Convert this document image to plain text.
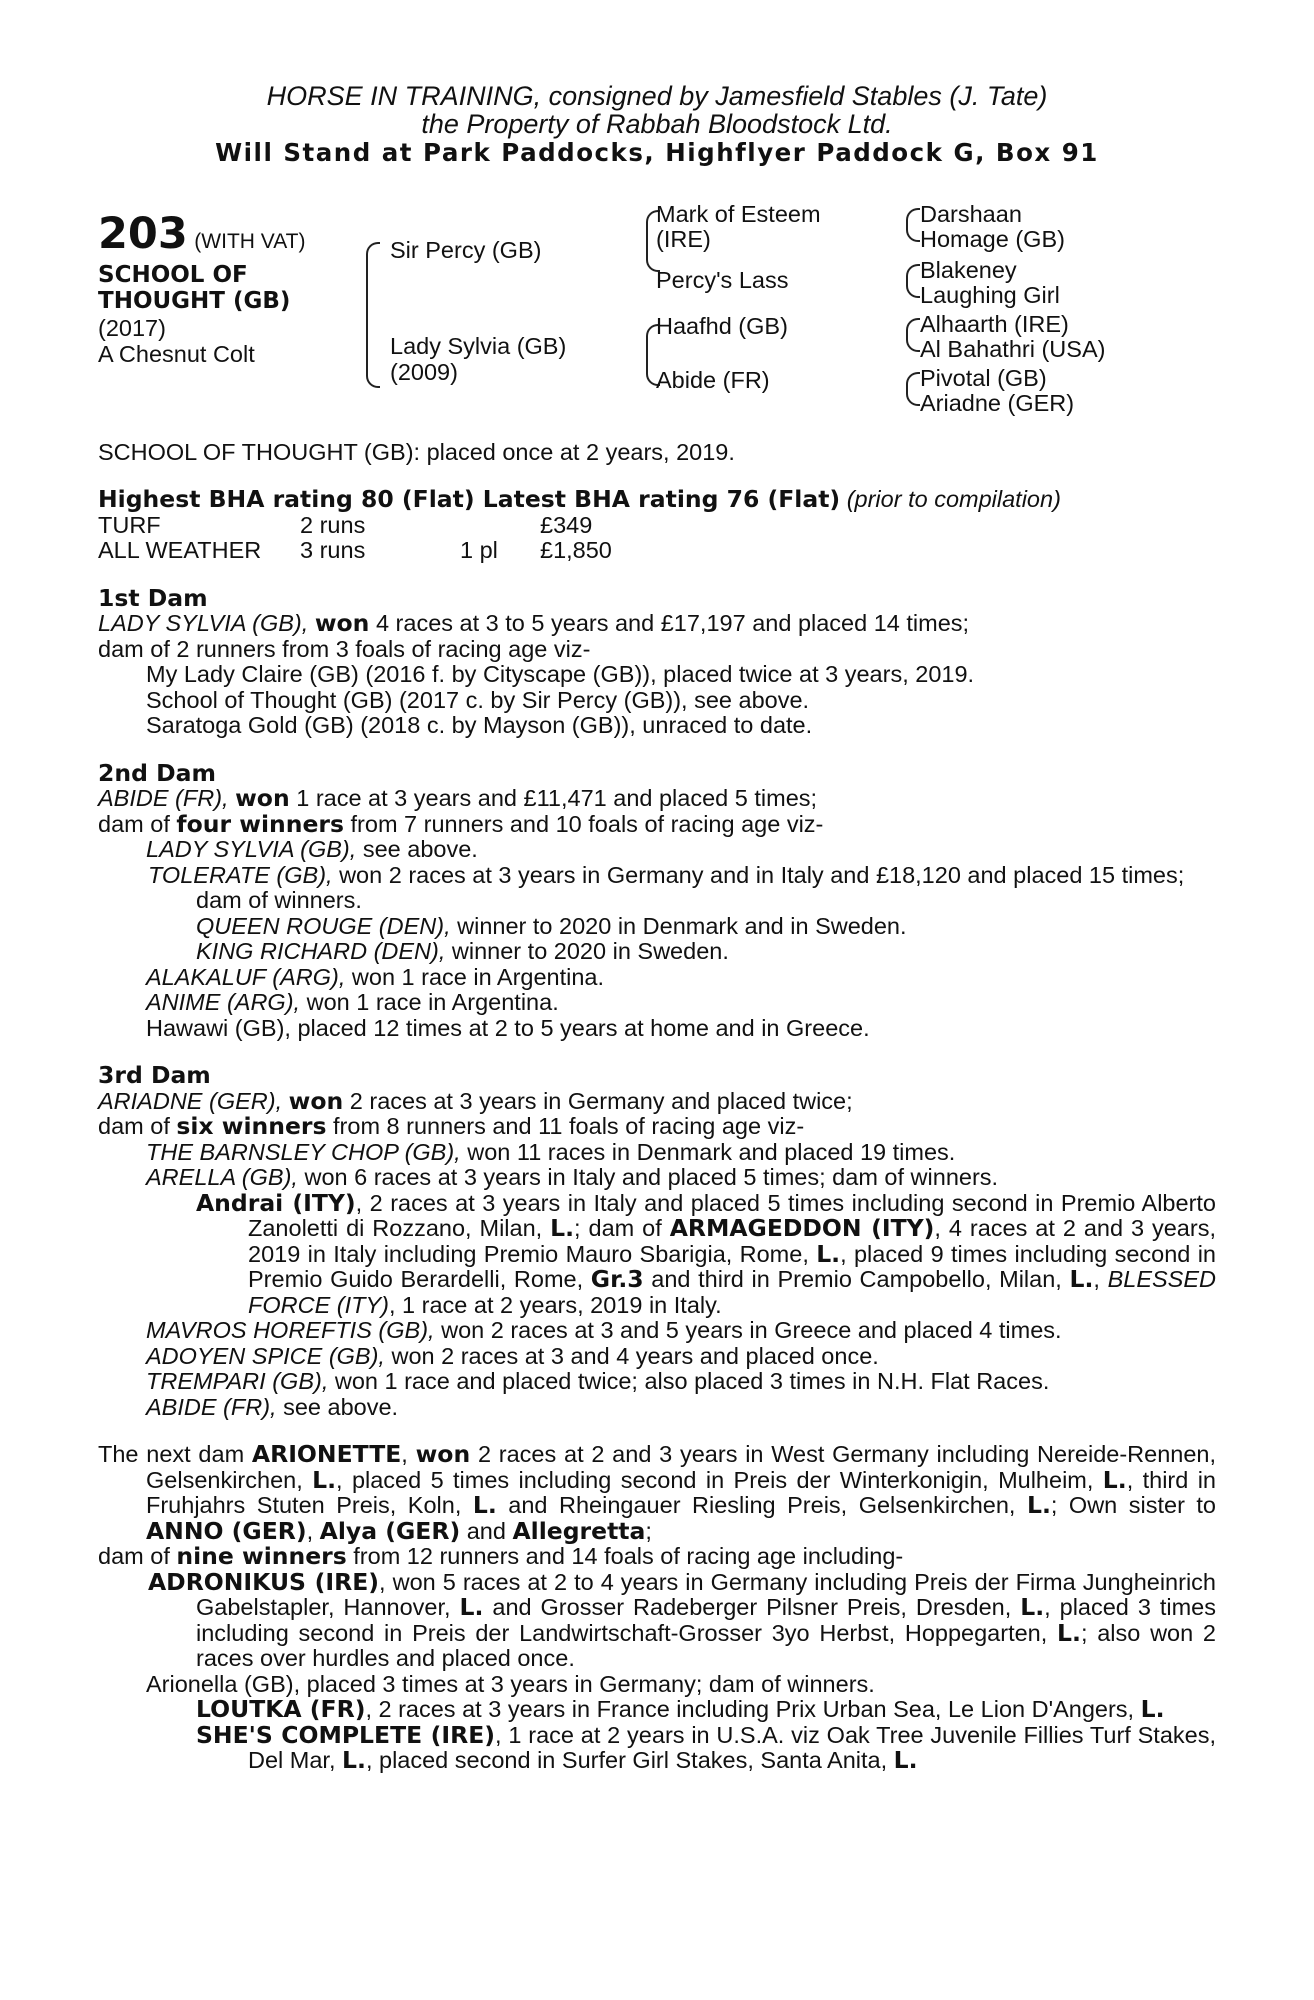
HORSE IN TRAINING, consigned by Jamesfield Stables (J. Tate)
the Property of Rabbah Bloodstock Ltd.
Will Stand at Park Paddocks, Highflyer Paddock G, Box 91
203 (WITH VAT)
SCHOOL OF
THOUGHT (GB)
(2017)
A Chesnut Colt
Sir Percy (GB)
Lady Sylvia (GB)
(2009)
Mark of Esteem
(IRE)
Percy's Lass
Haafhd (GB)
Abide (FR)
Darshaan
Homage (GB)
Blakeney
Laughing Girl
Alhaarth (IRE)
Al Bahathri (USA)
Pivotal (GB)
Ariadne (GER)
SCHOOL OF THOUGHT (GB): placed once at 2 years, 2019.
Highest BHA rating 80 (Flat) Latest BHA rating 76 (Flat) (prior to compilation)
TURF	2 runs		£349
ALL WEATHER	3 runs	1 pl	£1,850
1st Dam
LADY SYLVIA (GB), won 4 races at 3 to 5 years and £17,197 and placed 14 times;
dam of 2 runners from 3 foals of racing age viz-
My Lady Claire (GB) (2016 f. by Cityscape (GB)), placed twice at 3 years, 2019.
School of Thought (GB) (2017 c. by Sir Percy (GB)), see above.
Saratoga Gold (GB) (2018 c. by Mayson (GB)), unraced to date.
2nd Dam
ABIDE (FR), won 1 race at 3 years and £11,471 and placed 5 times;
dam of four winners from 7 runners and 10 foals of racing age viz-
LADY SYLVIA (GB), see above.
TOLERATE (GB), won 2 races at 3 years in Germany and in Italy and £18,120 and placed 15 times; dam of winners.
QUEEN ROUGE (DEN), winner to 2020 in Denmark and in Sweden.
KING RICHARD (DEN), winner to 2020 in Sweden.
ALAKALUF (ARG), won 1 race in Argentina.
ANIME (ARG), won 1 race in Argentina.
Hawawi (GB), placed 12 times at 2 to 5 years at home and in Greece.
3rd Dam
ARIADNE (GER), won 2 races at 3 years in Germany and placed twice;
dam of six winners from 8 runners and 11 foals of racing age viz-
THE BARNSLEY CHOP (GB), won 11 races in Denmark and placed 19 times.
ARELLA (GB), won 6 races at 3 years in Italy and placed 5 times; dam of winners.
Andrai (ITY), 2 races at 3 years in Italy and placed 5 times including second in Premio Alberto Zanoletti di Rozzano, Milan, L.; dam of ARMAGEDDON (ITY), 4 races at 2 and 3 years, 2019 in Italy including Premio Mauro Sbarigia, Rome, L., placed 9 times including second in Premio Guido Berardelli, Rome, Gr.3 and third in Premio Campobello, Milan, L., BLESSED FORCE (ITY), 1 race at 2 years, 2019 in Italy.
MAVROS HOREFTIS (GB), won 2 races at 3 and 5 years in Greece and placed 4 times.
ADOYEN SPICE (GB), won 2 races at 3 and 4 years and placed once.
TREMPARI (GB), won 1 race and placed twice; also placed 3 times in N.H. Flat Races.
ABIDE (FR), see above.
The next dam ARIONETTE, won 2 races at 2 and 3 years in West Germany including Nereide-Rennen, Gelsenkirchen, L., placed 5 times including second in Preis der Winterkonigin, Mulheim, L., third in Fruhjahrs Stuten Preis, Koln, L. and Rheingauer Riesling Preis, Gelsenkirchen, L.; Own sister to ANNO (GER), Alya (GER) and Allegretta;
dam of nine winners from 12 runners and 14 foals of racing age including-
ADRONIKUS (IRE), won 5 races at 2 to 4 years in Germany including Preis der Firma Jungheinrich Gabelstapler, Hannover, L. and Grosser Radeberger Pilsner Preis, Dresden, L., placed 3 times including second in Preis der Landwirtschaft-Grosser 3yo Herbst, Hoppegarten, L.; also won 2 races over hurdles and placed once.
Arionella (GB), placed 3 times at 3 years in Germany; dam of winners.
LOUTKA (FR), 2 races at 3 years in France including Prix Urban Sea, Le Lion D'Angers, L.
SHE'S COMPLETE (IRE), 1 race at 2 years in U.S.A. viz Oak Tree Juvenile Fillies Turf Stakes, Del Mar, L., placed second in Surfer Girl Stakes, Santa Anita, L.
